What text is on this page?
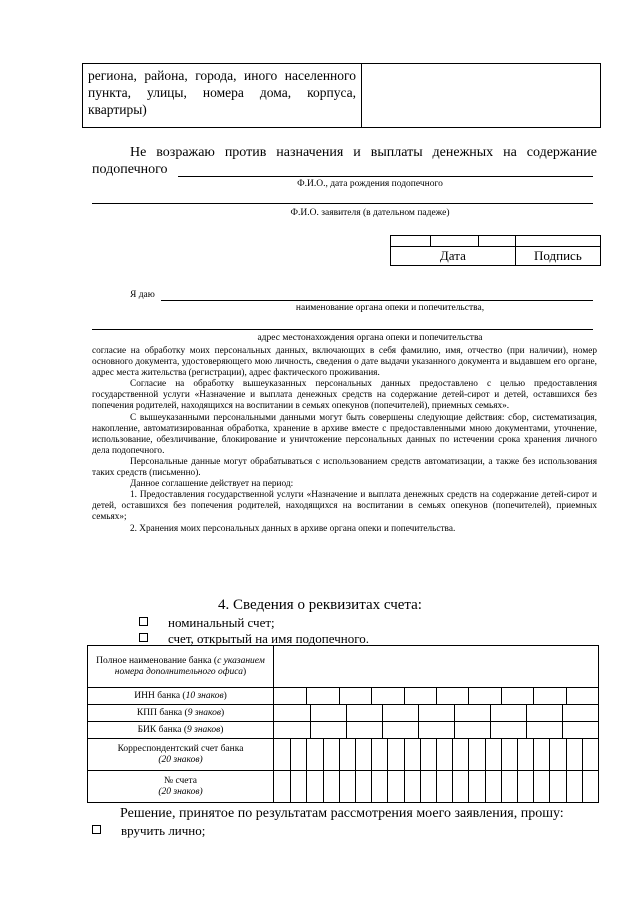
региона, района, города, иного населенного пункта, улицы, номера дома, корпуса, квартиры)	
Не возражаю против назначения и выплаты денежных на содержание подопечного
Ф.И.О., дата рождения подопечного
Ф.И.О. заявителя (в дательном падеже)

Дата			Подпись
Я даю
наименование органа опеки и попечительства,
адрес местонахождения органа опеки и попечительства

согласие на обработку моих персональных данных, включающих в себя фамилию, имя, отчество (при наличии), номер основного документа, удостоверяющего мою личность, сведения о дате выдачи указанного документа и выдавшем его органе, адрес места жительства (регистрации), адрес фактического проживания.

Согласие на обработку вышеуказанных персональных данных предоставлено с целью предоставления государственной услуги «Назначение и выплата денежных средств на содержание детей-сирот и детей, оставшихся без попечения родителей, находящихся на воспитании в семьях опекунов (попечителей), приемных семьях».

С вышеуказанными персональными данными могут быть совершены следующие действия: сбор, систематизация, накопление, автоматизированная обработка, хранение в архиве вместе с предоставленными мною документами, уточнение, использование, обезличивание, блокирование и уничтожение персональных данных по истечении срока хранения личного дела подопечного.

Персональные данные могут обрабатываться с использованием средств автоматизации, а также без использования таких средств (письменно).

Данное соглашение действует на период:

1. Предоставления государственной услуги «Назначение и выплата денежных средств на содержание детей-сирот и детей, оставшихся без попечения родителей, находящихся на воспитании в семьях опекунов (попечителей), приемных семьях»;

2. Хранения моих персональных данных в архиве органа опеки и попечительства.

4. Сведения о реквизитах счета:
номинальный счет;
счет, открытый на имя подопечного.
Полное наименование банка (с указанием номера дополнительного офиса)	
ИНН банка (10 знаков)	

КПП банка (9 знаков)	

БИК банка (9 знаков)	

Корреспондентский счет банка
(20 знаков)	

№ счета
(20 знаков)	
Решение, принятое по результатам рассмотрения моего заявления, прошу:
вручить лично;
